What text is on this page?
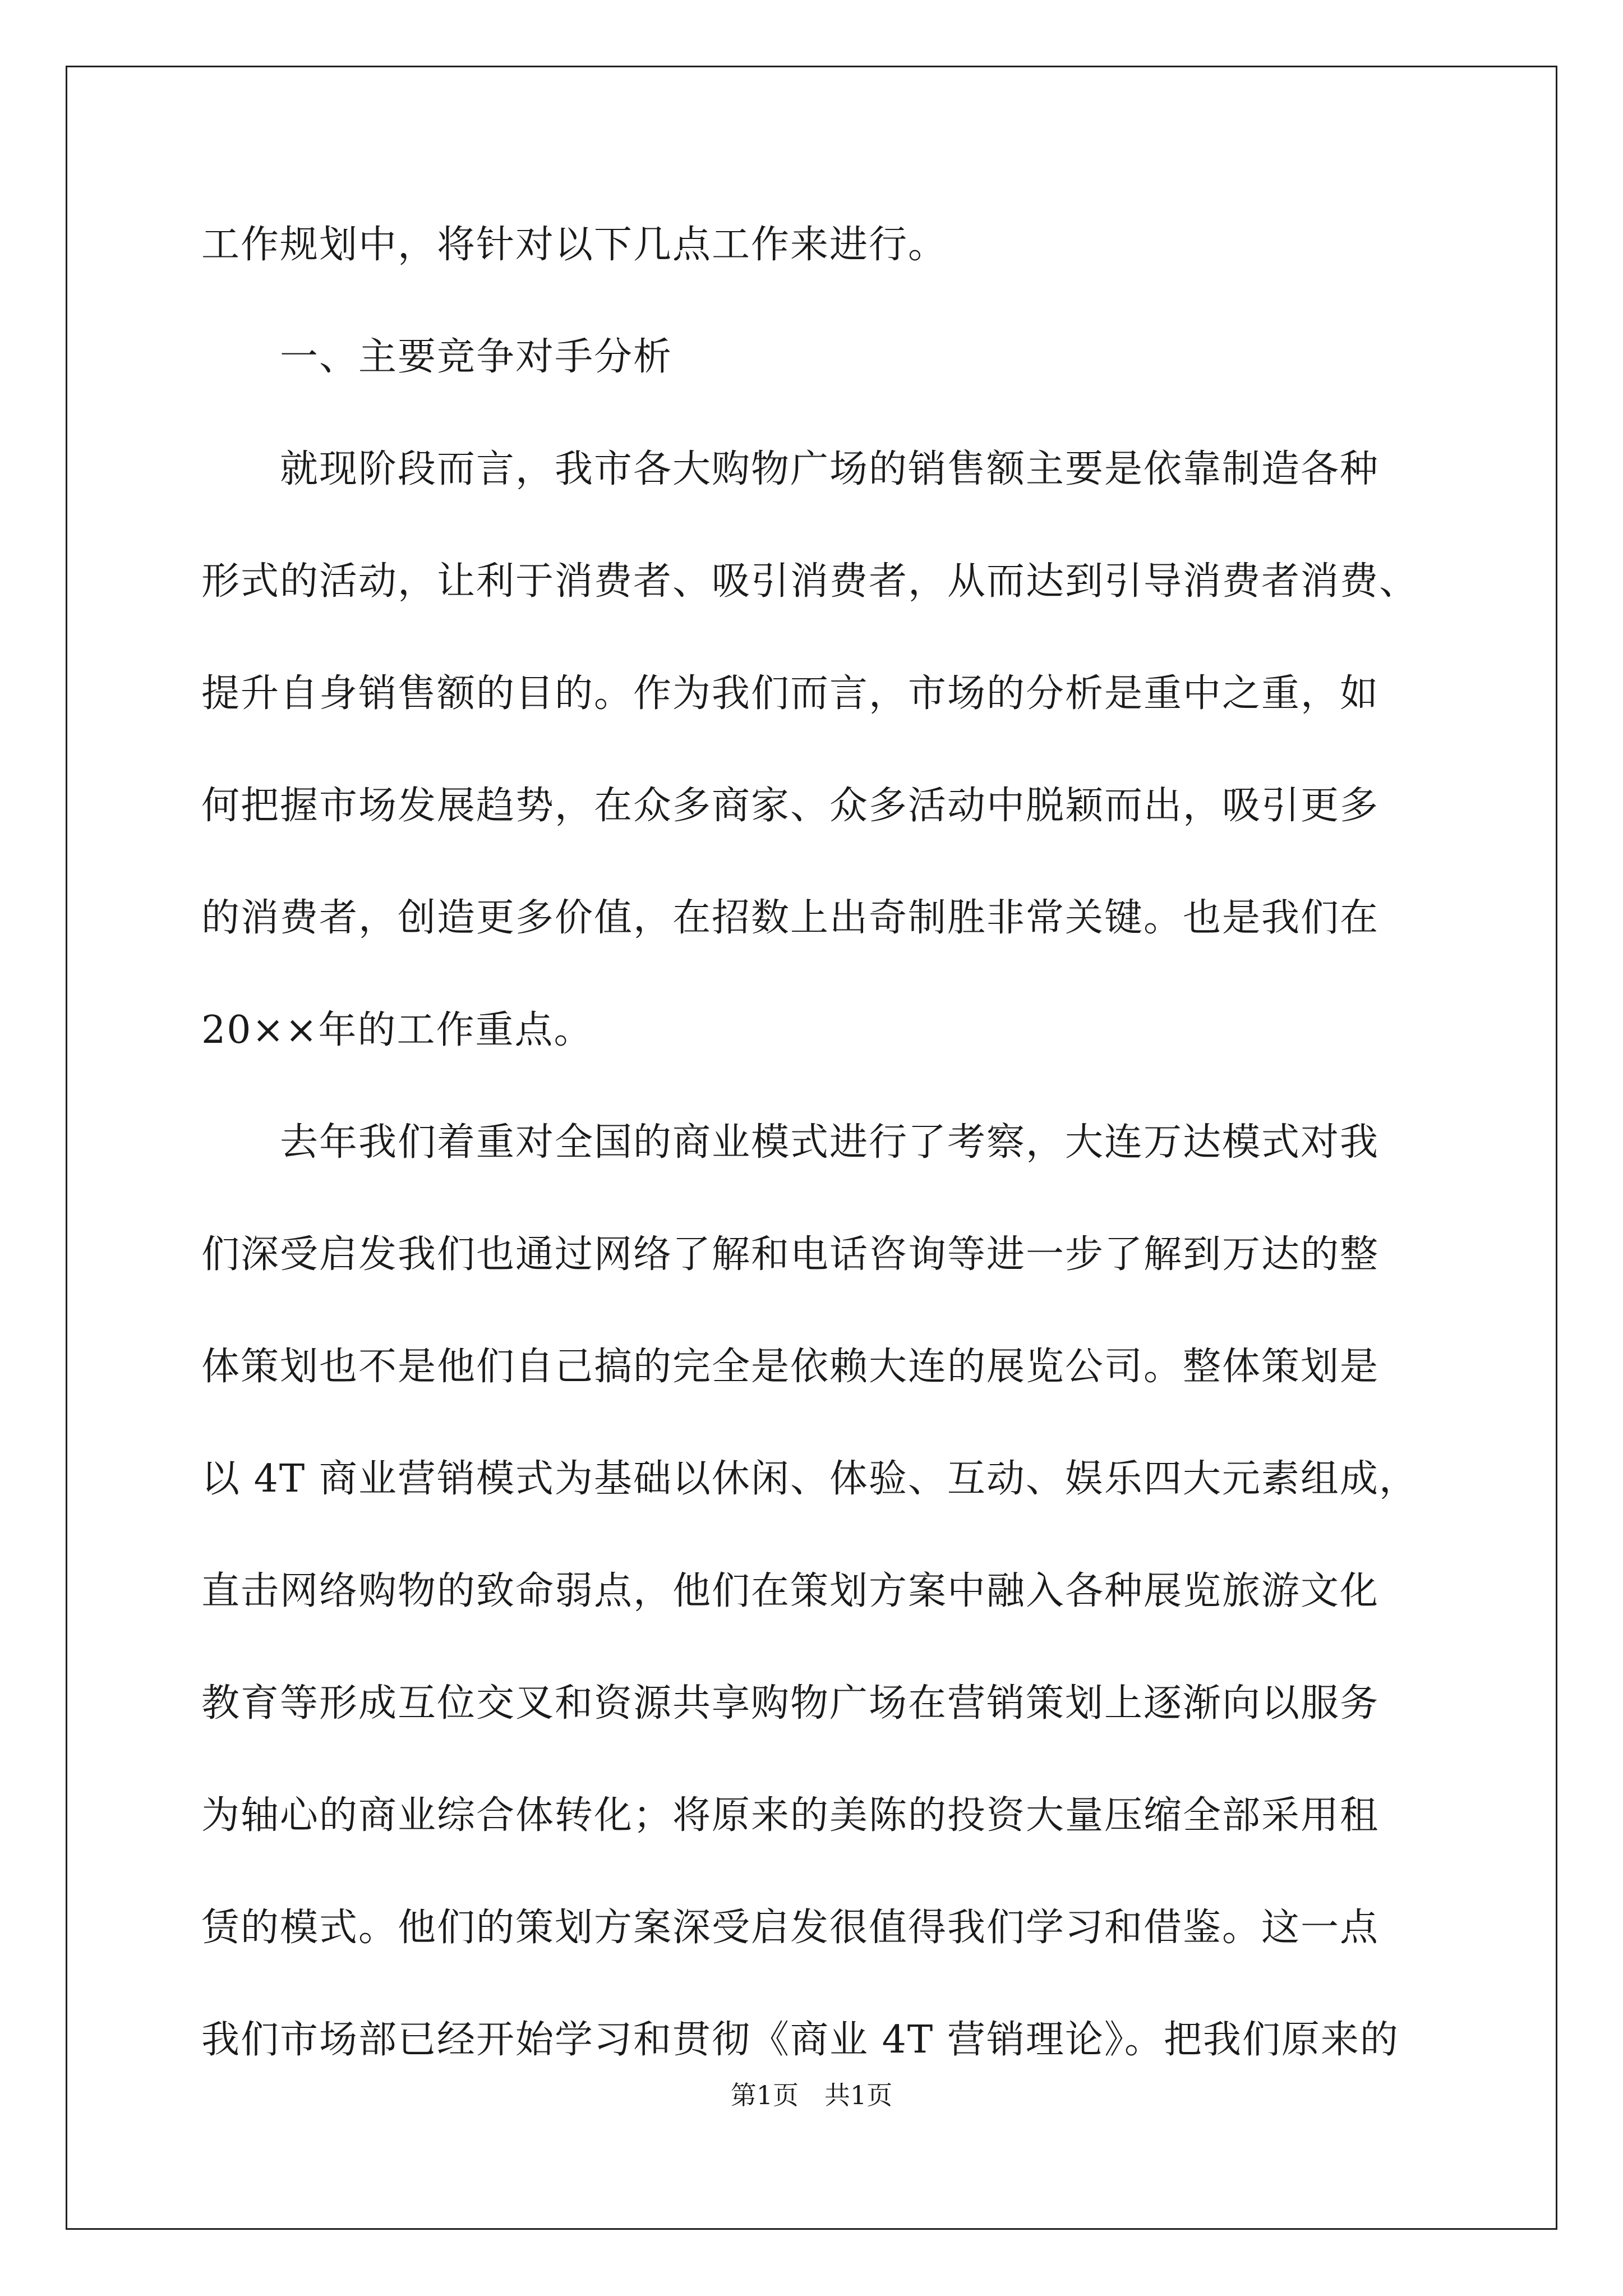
工作规划中，将针对以下几点工作来进行。
　　一、主要竞争对手分析
　　就现阶段而言，我市各大购物广场的销售额主要是依靠制造各种
形式的活动，让利于消费者、吸引消费者，从而达到引导消费者消费、
提升自身销售额的目的。作为我们而言，市场的分析是重中之重，如
何把握市场发展趋势，在众多商家、众多活动中脱颖而出，吸引更多
的消费者，创造更多价值，在招数上出奇制胜非常关键。也是我们在
20××年的工作重点。
　　去年我们着重对全国的商业模式进行了考察，大连万达模式对我
们深受启发我们也通过网络了解和电话咨询等进一步了解到万达的整
体策划也不是他们自己搞的完全是依赖大连的展览公司。整体策划是
以 4T 商业营销模式为基础以休闲、体验、互动、娱乐四大元素组成，
直击网络购物的致命弱点，他们在策划方案中融入各种展览旅游文化
教育等形成互位交叉和资源共享购物广场在营销策划上逐渐向以服务
为轴心的商业综合体转化；将原来的美陈的投资大量压缩全部采用租
赁的模式。他们的策划方案深受启发很值得我们学习和借鉴。这一点
我们市场部已经开始学习和贯彻《商业 4T 营销理论》。把我们原来的
第1页　共1页
